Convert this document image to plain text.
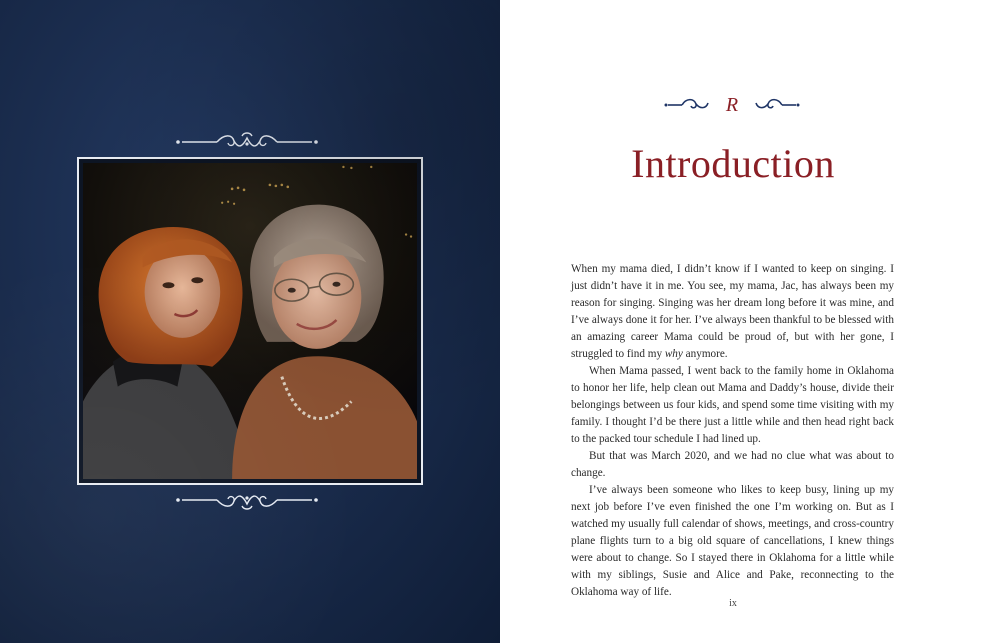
R
Introduction

When my mama died, I didn’t know if I wanted to keep on singing. I just didn’t have it in me. You see, my mama, Jac, has always been my reason for singing. Singing was her dream long before it was mine, and I’ve always done it for her. I’ve always been thankful to be blessed with an amazing career Mama could be proud of, but with her gone, I struggled to find my why anymore.

When Mama passed, I went back to the family home in Oklahoma to honor her life, help clean out Mama and Daddy’s house, divide their belongings between us four kids, and spend some time visiting with my family. I thought I’d be there just a little while and then head right back to the packed tour schedule I had lined up.

But that was March 2020, and we had no clue what was about to change.

I’ve always been someone who likes to keep busy, lining up my next job before I’ve even finished the one I’m working on. But as I watched my usually full calendar of shows, meetings, and cross-country plane flights turn to a big old square of cancellations, I knew things were about to change. So I stayed there in Oklahoma for a little while with my siblings, Susie and Alice and Pake, reconnecting to the Oklahoma way of life.

ix
